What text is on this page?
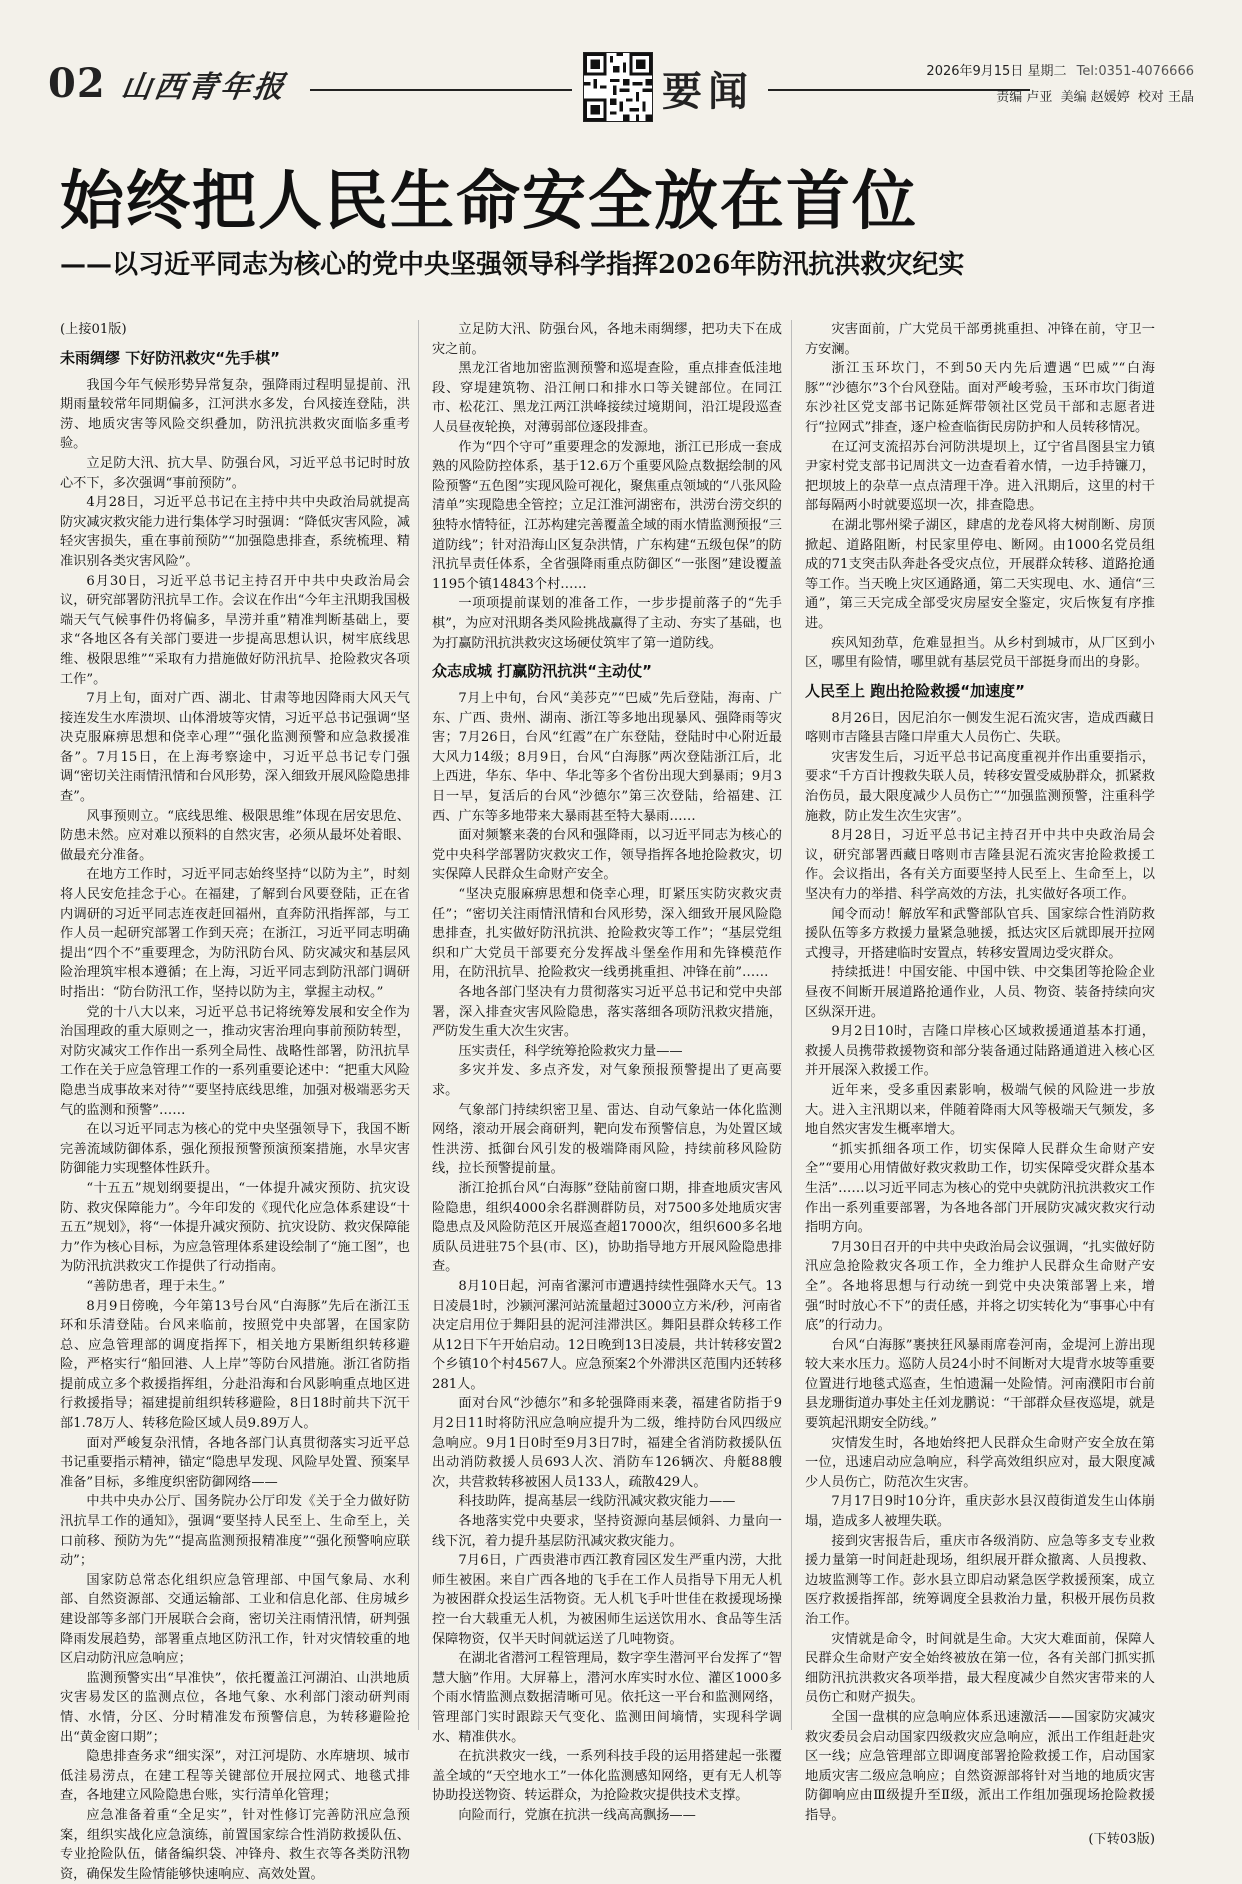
02 山西青年报	要闻	2026年9月15日 星期二 Tel:0351-4076666
责编 卢亚 美编 赵媛婷 校对 王晶
始终把人民生命安全放在首位
——以习近平同志为核心的党中央坚强领导科学指挥2026年防汛抗洪救灾纪实

(上接01版)

未雨绸缪 下好防汛救灾“先手棋”

我国今年气候形势异常复杂，强降雨过程明显提前、汛期雨量较常年同期偏多，江河洪水多发，台风接连登陆，洪涝、地质灾害等风险交织叠加，防汛抗洪救灾面临多重考验。

立足防大汛、抗大旱、防强台风，习近平总书记时时放心不下，多次强调“事前预防”。

4月28日，习近平总书记在主持中共中央政治局就提高防灾减灾救灾能力进行集体学习时强调：“降低灾害风险，减轻灾害损失，重在事前预防”“加强隐患排查，系统梳理、精准识别各类灾害风险”。

6月30日，习近平总书记主持召开中共中央政治局会议，研究部署防汛抗旱工作。会议在作出“今年主汛期我国极端天气气候事件仍将偏多，旱涝并重”精准判断基础上，要求“各地区各有关部门要进一步提高思想认识，树牢底线思维、极限思维”“采取有力措施做好防汛抗旱、抢险救灾各项工作”。

7月上旬，面对广西、湖北、甘肃等地因降雨大风天气接连发生水库溃坝、山体滑坡等灾情，习近平总书记强调“坚决克服麻痹思想和侥幸心理”“强化监测预警和应急救援准备”。7月15日，在上海考察途中，习近平总书记专门强调“密切关注雨情汛情和台风形势，深入细致开展风险隐患排查”。

风事预则立。“底线思维、极限思维”体现在居安思危、防患未然。应对难以预料的自然灾害，必须从最坏处着眼、做最充分准备。

在地方工作时，习近平同志始终坚持“以防为主”，时刻将人民安危挂念于心。在福建，了解到台风要登陆，正在省内调研的习近平同志连夜赶回福州，直奔防汛指挥部，与工作人员一起研究部署工作到天亮；在浙江，习近平同志明确提出“四个不”重要理念，为防汛防台风、防灾减灾和基层风险治理筑牢根本遵循；在上海，习近平同志到防汛部门调研时指出：“防台防汛工作，坚持以防为主，掌握主动权。”

党的十八大以来，习近平总书记将统筹发展和安全作为治国理政的重大原则之一，推动灾害治理向事前预防转型，对防灾减灾工作作出一系列全局性、战略性部署，防汛抗旱工作在关于应急管理工作的一系列重要论述中：“把重大风险隐患当成事故来对待”“要坚持底线思维，加强对极端恶劣天气的监测和预警”……

在以习近平同志为核心的党中央坚强领导下，我国不断完善流域防御体系，强化预报预警预演预案措施，水旱灾害防御能力实现整体性跃升。

“十五五”规划纲要提出，“一体提升减灾预防、抗灾设防、救灾保障能力”。今年印发的《现代化应急体系建设“十五五”规划》，将“一体提升减灾预防、抗灾设防、救灾保障能力”作为核心目标，为应急管理体系建设绘制了“施工图”，也为防汛抗洪救灾工作提供了行动指南。

“善防患者，理于未生。”

8月9日傍晚，今年第13号台风“白海豚”先后在浙江玉环和乐清登陆。台风来临前，按照党中央部署，在国家防总、应急管理部的调度指挥下，相关地方果断组织转移避险，严格实行“船回港、人上岸”等防台风措施。浙江省防指提前成立多个救援指挥组，分赴沿海和台风影响重点地区进行救援指导；福建提前组织转移避险，8日18时前共下沉干部1.78万人、转移危险区域人员9.89万人。

面对严峻复杂汛情，各地各部门认真贯彻落实习近平总书记重要指示精神，锚定“隐患早发现、风险早处置、预案早准备”目标，多维度织密防御网络——

中共中央办公厅、国务院办公厅印发《关于全力做好防汛抗旱工作的通知》，强调“要坚持人民至上、生命至上，关口前移、预防为先”“提高监测预报精准度”“强化预警响应联动”；

国家防总常态化组织应急管理部、中国气象局、水利部、自然资源部、交通运输部、工业和信息化部、住房城乡建设部等多部门开展联合会商，密切关注雨情汛情，研判强降雨发展趋势，部署重点地区防汛工作，针对灾情较重的地区启动防汛应急响应；

监测预警实出“早准快”，依托覆盖江河湖泊、山洪地质灾害易发区的监测点位，各地气象、水利部门滚动研判雨情、水情，分区、分时精准发布预警信息，为转移避险抢出“黄金窗口期”；

隐患排查务求“细实深”，对江河堤防、水库塘坝、城市低洼易涝点，在建工程等关键部位开展拉网式、地毯式排查，各地建立风险隐患台账，实行清单化管理；

应急准备着重“全足实”，针对性修订完善防汛应急预案，组织实战化应急演练，前置国家综合性消防救援队伍、专业抢险队伍，储备编织袋、冲锋舟、救生衣等各类防汛物资，确保发生险情能够快速响应、高效处置。

立足防大汛、防强台风，各地未雨绸缪，把功夫下在成灾之前。

黑龙江省地加密监测预警和巡堤查险，重点排查低洼地段、穿堤建筑物、沿江闸口和排水口等关键部位。在同江市、松花江、黑龙江两江洪峰接续过境期间，沿江堤段巡查人员昼夜轮换，对薄弱部位逐段排查。

作为“四个守可”重要理念的发源地，浙江已形成一套成熟的风险防控体系，基于12.6万个重要风险点数据绘制的风险预警“五色图”实现风险可视化，聚焦重点领域的“八张风险清单”实现隐患全管控；立足江淮河湖密布，洪涝台涝交织的独特水情特征，江苏构建完善覆盖全域的雨水情监测预报“三道防线”；针对沿海山区复杂洪情，广东构建“五级包保”的防汛抗旱责任体系，全省强降雨重点防御区“一张图”建设覆盖1195个镇14843个村……

一项项提前谋划的准备工作，一步步提前落子的“先手棋”，为应对汛期各类风险挑战赢得了主动、夯实了基础，也为打赢防汛抗洪救灾这场硬仗筑牢了第一道防线。

众志成城 打赢防汛抗洪“主动仗”

7月上中旬，台风“美莎克”“巴威”先后登陆，海南、广东、广西、贵州、湖南、浙江等多地出现暴风、强降雨等灾害；7月26日，台风“红霞”在广东登陆，登陆时中心附近最大风力14级；8月9日，台风“白海豚”两次登陆浙江后，北上西进，华东、华中、华北等多个省份出现大到暴雨；9月3日一早，复活后的台风“沙德尔”第三次登陆，给福建、江西、广东等多地带来大暴雨甚至特大暴雨……

面对频繁来袭的台风和强降雨，以习近平同志为核心的党中央科学部署防灾救灾工作，领导指挥各地抢险救灾，切实保障人民群众生命财产安全。

“坚决克服麻痹思想和侥幸心理，盯紧压实防灾救灾责任”；“密切关注雨情汛情和台风形势，深入细致开展风险隐患排查，扎实做好防汛抗洪、抢险救灾等工作”；“基层党组织和广大党员干部要充分发挥战斗堡垒作用和先锋模范作用，在防汛抗旱、抢险救灾一线勇挑重担、冲锋在前”……

各地各部门坚决有力贯彻落实习近平总书记和党中央部署，深入排查灾害风险隐患，落实落细各项防汛救灾措施，严防发生重大次生灾害。

压实责任，科学统筹抢险救灾力量——

多灾并发、多点齐发，对气象预报预警提出了更高要求。

气象部门持续织密卫星、雷达、自动气象站一体化监测网络，滚动开展会商研判，靶向发布预警信息，为处置区域性洪涝、抵御台风引发的极端降雨风险，持续前移风险防线，拉长预警提前量。

浙江抢抓台风“白海豚”登陆前窗口期，排查地质灾害风险隐患，组织4000余名群测群防员，对7500多处地质灾害隐患点及风险防范区开展巡查超17000次，组织600多名地质队员进驻75个县(市、区)，协助指导地方开展风险隐患排查。

8月10日起，河南省漯河市遭遇持续性强降水天气。13日凌晨1时，沙颍河漯河站流量超过3000立方米/秒，河南省决定启用位于舞阳县的泥河洼滞洪区。舞阳县群众转移工作从12日下午开始启动。12日晚到13日凌晨，共计转移安置2个乡镇10个村4567人。应急预案2个外滞洪区范围内还转移281人。

面对台风“沙德尔”和多轮强降雨来袭，福建省防指于9月2日11时将防汛应急响应提升为二级，维持防台风四级应急响应。9月1日0时至9月3日7时，福建全省消防救援队伍出动消防救援人员693人次、消防车126辆次、舟艇88艘次，共营救转移被困人员133人，疏散429人。

科技助阵，提高基层一线防汛减灾救灾能力——

各地落实党中央要求，坚持资源向基层倾斜、力量向一线下沉，着力提升基层防汛减灾救灾能力。

7月6日，广西贵港市西江教育园区发生严重内涝，大批师生被困。来自广西各地的飞手在工作人员指导下用无人机为被困群众投运生活物资。无人机飞手叶世佳在救援现场操控一台大载重无人机，为被困师生运送饮用水、食品等生活保障物资，仅半天时间就运送了几吨物资。

在湖北省潜河工程管理局，数字孪生潜河平台发挥了“智慧大脑”作用。大屏幕上，潜河水库实时水位、灌区1000多个雨水情监测点数据清晰可见。依托这一平台和监测网络，管理部门实时跟踪天气变化、监测田间墒情，实现科学调水、精准供水。

在抗洪救灾一线，一系列科技手段的运用搭建起一张覆盖全域的“天空地水工”一体化监测感知网络，更有无人机等协助投送物资、转运群众，为抢险救灾提供技术支撑。

向险而行，党旗在抗洪一线高高飘扬——

灾害面前，广大党员干部勇挑重担、冲锋在前，守卫一方安澜。

浙江玉环坎门，不到50天内先后遭遇“巴威”“白海豚”“沙德尔”3个台风登陆。面对严峻考验，玉环市坎门街道东沙社区党支部书记陈延辉带领社区党员干部和志愿者进行“拉网式”排查，逐户检查临街民房防护和人员转移情况。

在辽河支流招苏台河防洪堤坝上，辽宁省昌图县宝力镇尹家村党支部书记周洪文一边查看着水情，一边手持镰刀，把坝坡上的杂草一点点清理干净。进入汛期后，这里的村干部每隔两小时就要巡坝一次，排查隐患。

在湖北鄂州梁子湖区，肆虐的龙卷风将大树削断、房顶掀起、道路阻断，村民家里停电、断网。由1000名党员组成的71支突击队奔赴各受灾点位，开展群众转移、道路抢通等工作。当天晚上灾区通路通，第二天实现电、水、通信“三通”，第三天完成全部受灾房屋安全鉴定，灾后恢复有序推进。

疾风知劲草，危难显担当。从乡村到城市，从厂区到小区，哪里有险情，哪里就有基层党员干部挺身而出的身影。

人民至上 跑出抢险救援“加速度”

8月26日，因尼泊尔一侧发生泥石流灾害，造成西藏日喀则市吉隆县吉隆口岸重大人员伤亡、失联。

灾害发生后，习近平总书记高度重视并作出重要指示，要求“千方百计搜救失联人员，转移安置受威胁群众，抓紧救治伤员，最大限度减少人员伤亡”“加强监测预警，注重科学施救，防止发生次生灾害”。

8月28日，习近平总书记主持召开中共中央政治局会议，研究部署西藏日喀则市吉隆县泥石流灾害抢险救援工作。会议指出，各有关方面要坚持人民至上、生命至上，以坚决有力的举措、科学高效的方法，扎实做好各项工作。

闻令而动！解放军和武警部队官兵、国家综合性消防救援队伍等多方救援力量紧急驰援，抵达灾区后就即展开拉网式搜寻，开搭建临时安置点，转移安置周边受灾群众。

持续抵进！中国安能、中国中铁、中交集团等抢险企业昼夜不间断开展道路抢通作业，人员、物资、装备持续向灾区纵深开进。

9月2日10时，吉隆口岸核心区域救援通道基本打通，救援人员携带救援物资和部分装备通过陆路通道进入核心区并开展深入救援工作。

近年来，受多重因素影响，极端气候的风险进一步放大。进入主汛期以来，伴随着降雨大风等极端天气频发，多地自然灾害发生概率增大。

“抓实抓细各项工作，切实保障人民群众生命财产安全”“要用心用情做好救灾救助工作，切实保障受灾群众基本生活”……以习近平同志为核心的党中央就防汛抗洪救灾工作作出一系列重要部署，为各地各部门开展防灾减灾救灾行动指明方向。

7月30日召开的中共中央政治局会议强调，“扎实做好防汛应急抢险救灾各项工作，全力维护人民群众生命财产安全”。各地将思想与行动统一到党中央决策部署上来，增强“时时放心不下”的责任感，并将之切实转化为“事事心中有底”的行动力。

台风“白海豚”裹挟狂风暴雨席卷河南，金堤河上游出现较大来水压力。巡防人员24小时不间断对大堤背水坡等重要位置进行地毯式巡查，生怕遗漏一处险情。河南濮阳市台前县龙珊街道办事处主任刘龙鹏说：“干部群众昼夜巡堤，就是要筑起汛期安全防线。”

灾情发生时，各地始终把人民群众生命财产安全放在第一位，迅速启动应急响应，科学高效组织应对，最大限度减少人员伤亡，防范次生灾害。

7月17日9时10分许，重庆彭水县汉葭街道发生山体崩塌，造成多人被埋失联。

接到灾害报告后，重庆市各级消防、应急等多支专业救援力量第一时间赶赴现场，组织展开群众撤离、人员搜救、边坡监测等工作。彭水县立即启动紧急医学救援预案，成立医疗救援指挥部，统筹调度全县救治力量，积极开展伤员救治工作。

灾情就是命令，时间就是生命。大灾大难面前，保障人民群众生命财产安全始终被放在第一位，各有关部门抓实抓细防汛抗洪救灾各项举措，最大程度减少自然灾害带来的人员伤亡和财产损失。

全国一盘棋的应急响应体系迅速激活——国家防灾减灾救灾委员会启动国家四级救灾应急响应，派出工作组赶赴灾区一线；应急管理部立即调度部署抢险救援工作，启动国家地质灾害二级应急响应；自然资源部将针对当地的地质灾害防御响应由Ⅲ级提升至Ⅱ级，派出工作组加强现场抢险救援指导。

(下转03版)
